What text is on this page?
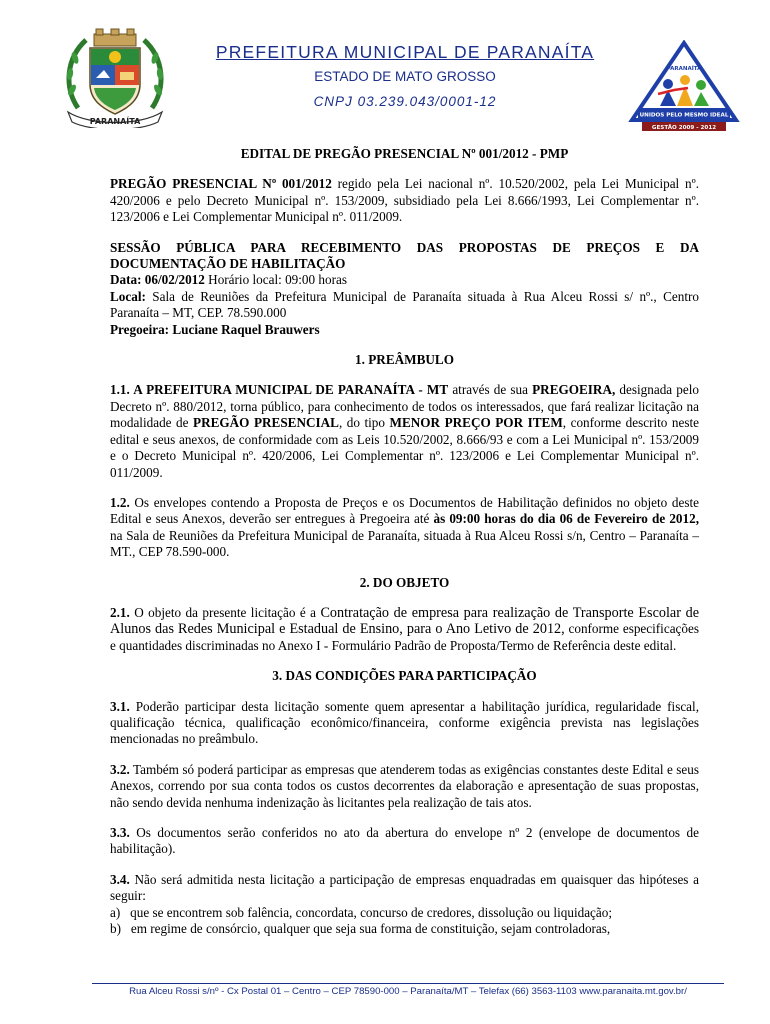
PARANAÍTA
PREFEITURA MUNICIPAL DE PARANAÍTA
ESTADO DE MATO GROSSO
CNPJ 03.239.043/0001-12
PARANAÍTA
UNIDOS PELO MESMO IDEAL
GESTÃO 2009 - 2012

EDITAL DE PREGÃO PRESENCIAL Nº 001/2012 - PMP

PREGÃO PRESENCIAL Nº 001/2012 regido pela Lei nacional nº. 10.520/2002, pela Lei Municipal nº. 420/2006 e pelo Decreto Municipal nº. 153/2009, subsidiado pela Lei 8.666/1993, Lei Complementar nº. 123/2006 e Lei Complementar Municipal nº. 011/2009.

SESSÃO PÚBLICA PARA RECEBIMENTO DAS PROPOSTAS DE PREÇOS E DA DOCUMENTAÇÃO DE HABILITAÇÃO

Data: 06/02/2012 Horário local: 09:00 horas

Local: Sala de Reuniões da Prefeitura Municipal de Paranaíta situada à Rua Alceu Rossi s/ nº., Centro Paranaíta – MT, CEP. 78.590.000

Pregoeira: Luciane Raquel Brauwers

1. PREÂMBULO

1.1. A PREFEITURA MUNICIPAL DE PARANAÍTA - MT através de sua PREGOEIRA, designada pelo Decreto nº. 880/2012, torna público, para conhecimento de todos os interessados, que fará realizar licitação na modalidade de PREGÃO PRESENCIAL, do tipo MENOR PREÇO POR ITEM, conforme descrito neste edital e seus anexos, de conformidade com as Leis 10.520/2002, 8.666/93 e com a Lei Municipal nº. 153/2009 e o Decreto Municipal nº. 420/2006, Lei Complementar nº. 123/2006 e Lei Complementar Municipal nº. 011/2009.

1.2. Os envelopes contendo a Proposta de Preços e os Documentos de Habilitação definidos no objeto deste Edital e seus Anexos, deverão ser entregues à Pregoeira até às 09:00 horas do dia 06 de Fevereiro de 2012, na Sala de Reuniões da Prefeitura Municipal de Paranaíta, situada à Rua Alceu Rossi s/n, Centro – Paranaíta – MT., CEP 78.590-000.

2. DO OBJETO

2.1. O objeto da presente licitação é a Contratação de empresa para realização de Transporte Escolar de Alunos das Redes Municipal e Estadual de Ensino, para o Ano Letivo de 2012, conforme especificações e quantidades discriminadas no Anexo I - Formulário Padrão de Proposta/Termo de Referência deste edital.

3. DAS CONDIÇÕES PARA PARTICIPAÇÃO

3.1. Poderão participar desta licitação somente quem apresentar a habilitação jurídica, regularidade fiscal, qualificação técnica, qualificação econômico/financeira, conforme exigência prevista nas legislações mencionadas no preâmbulo.

3.2. Também só poderá participar as empresas que atenderem todas as exigências constantes deste Edital e seus Anexos, correndo por sua conta todos os custos decorrentes da elaboração e apresentação de suas propostas, não sendo devida nenhuma indenização às licitantes pela realização de tais atos.

3.3. Os documentos serão conferidos no ato da abertura do envelope nº 2 (envelope de documentos de habilitação).

3.4. Não será admitida nesta licitação a participação de empresas enquadradas em quaisquer das hipóteses a seguir:

a)   que se encontrem sob falência, concordata, concurso de credores, dissolução ou liquidação;

b)   em regime de consórcio, qualquer que seja sua forma de constituição, sejam controladoras,

Rua Alceu Rossi s/nº - Cx Postal 01 – Centro – CEP 78590-000 – Paranaíta/MT – Telefax (66) 3563-1103 www.paranaita.mt.gov.br/
